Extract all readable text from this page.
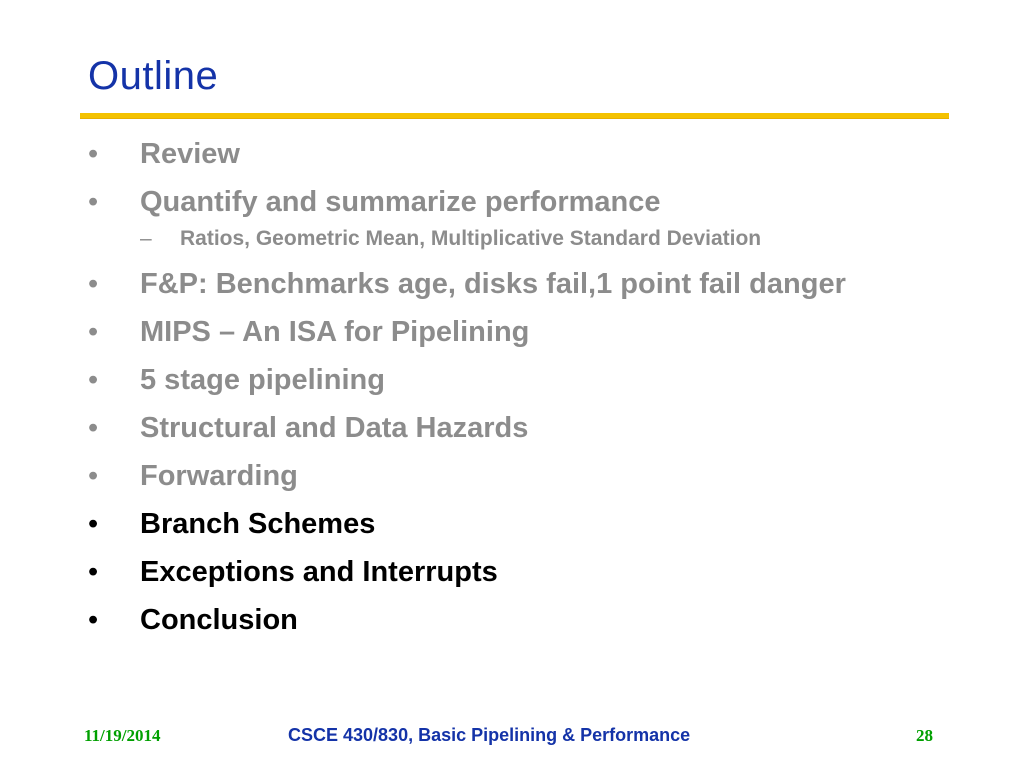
Outline
•	Review
•	Quantify and summarize performance
–	Ratios, Geometric Mean, Multiplicative Standard Deviation
•	F&P: Benchmarks age, disks fail,1 point fail danger
•	MIPS – An ISA for Pipelining
•	5 stage pipelining
•	Structural and Data Hazards
•	Forwarding
•	Branch Schemes
•	Exceptions and Interrupts
•	Conclusion
11/19/2014	CSCE 430/830, Basic Pipelining & Performance	28
